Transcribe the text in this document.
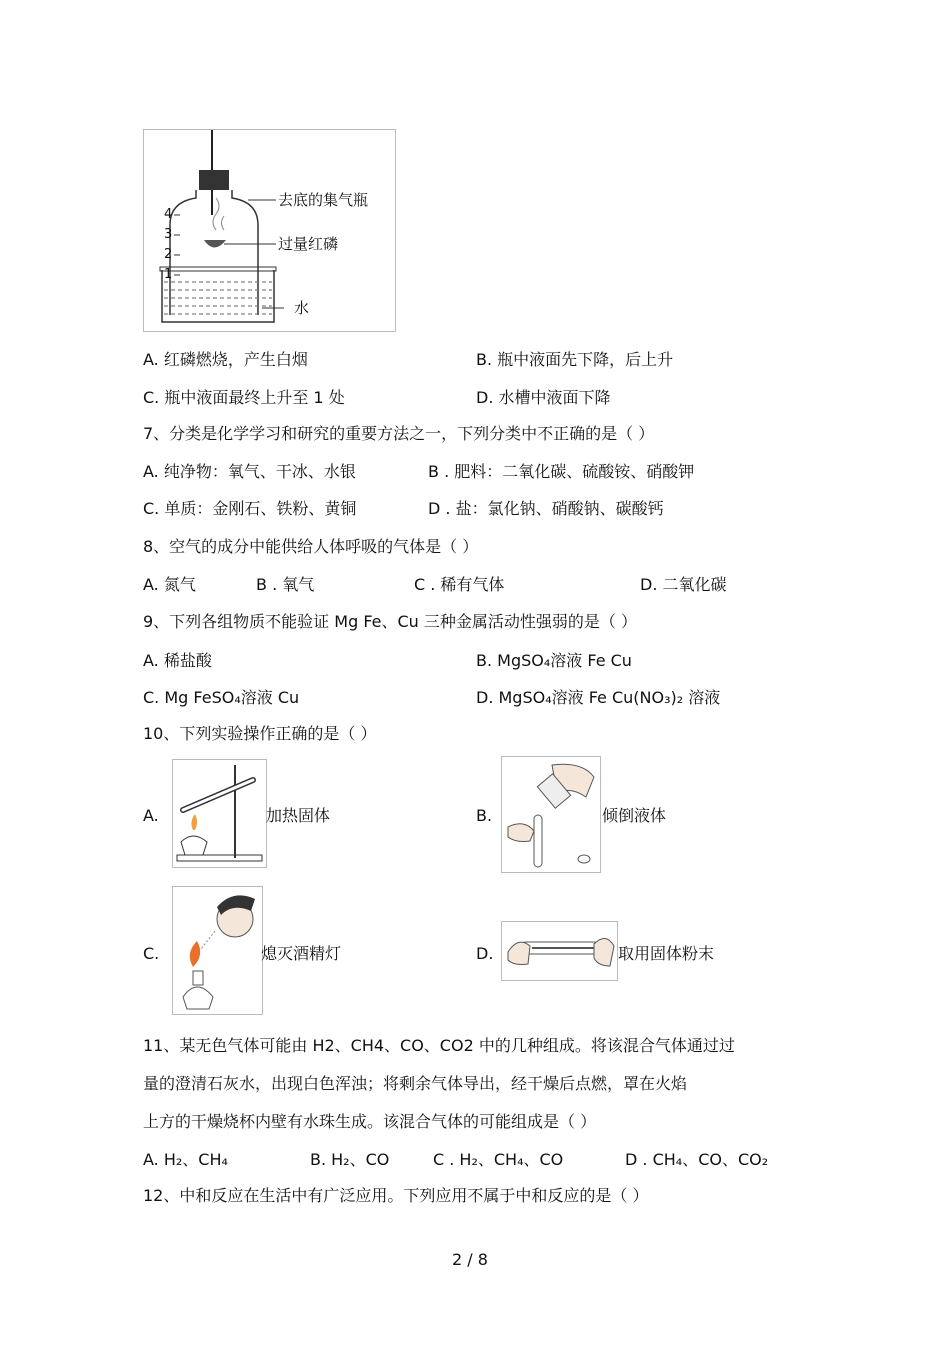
4
3
2
1
去底的集气瓶
过量红磷
水
A. 红磷燃烧，产生白烟	B. 瓶中液面先下降，后上升
C. 瓶中液面最终上升至 1 处	D. 水槽中液面下降
7、分类是化学学习和研究的重要方法之一，下列分类中不正确的是（ ）
A. 纯净物：氧气、干冰、水银	B . 肥料：二氧化碳、硫酸铵、硝酸钾
C. 单质：金刚石、铁粉、黄铜	D . 盐：氯化钠、硝酸钠、碳酸钙
8、空气的成分中能供给人体呼吸的气体是（ ）
A. 氮气	B . 氧气	C . 稀有气体	D. 二氧化碳
9、下列各组物质不能验证 Mg Fe、Cu 三种金属活动性强弱的是（ ）
A. 稀盐酸	B. MgSO₄溶液 Fe Cu
C. Mg FeSO₄溶液 Cu	D. MgSO₄溶液 Fe Cu(NO₃)₂ 溶液
10、下列实验操作正确的是（ ）
A.	加热固体	B.	倾倒液体
C.	熄灭酒精灯	D.	取用固体粉末
11、某无色气体可能由 H2、CH4、CO、CO2 中的几种组成。将该混合气体通过过
量的澄清石灰水，出现白色浑浊；将剩余气体导出，经干燥后点燃，罩在火焰
上方的干燥烧杯内壁有水珠生成。该混合气体的可能组成是（ ）
A. H₂、CH₄	B. H₂、CO	C . H₂、CH₄、CO	D . CH₄、CO、CO₂
12、中和反应在生活中有广泛应用。下列应用不属于中和反应的是（ ）
2 / 8
